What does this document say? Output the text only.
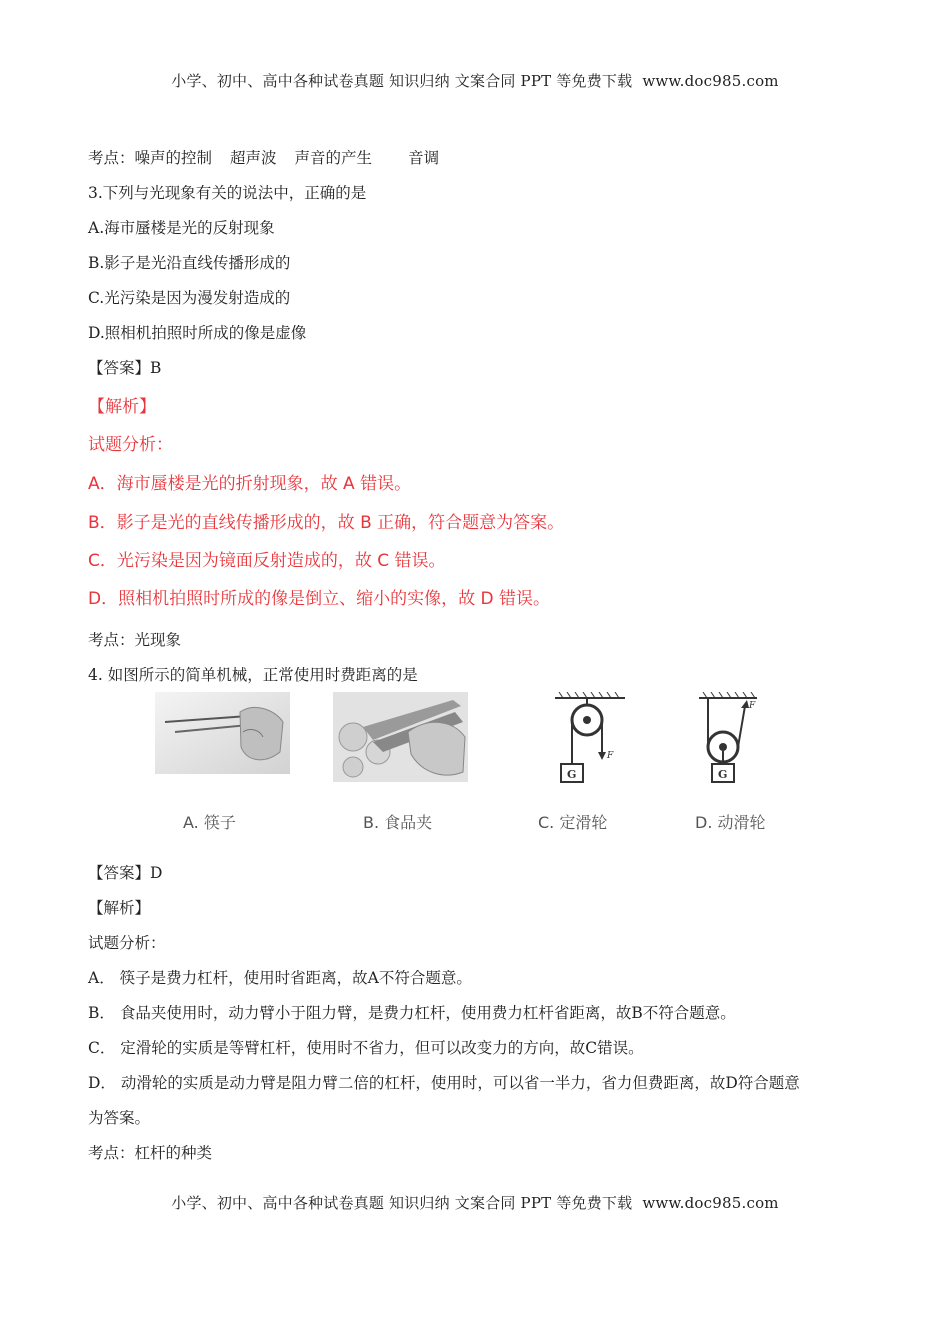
小学、初中、高中各种试卷真题 知识归纳 文案合同 PPT 等免费下载 www.doc985.com
考点：噪声的控制 超声波 声音的产生 音调
3.下列与光现象有关的说法中，正确的是
A.海市蜃楼是光的反射现象
B.影子是光沿直线传播形成的
C.光污染是因为漫发射造成的
D.照相机拍照时所成的像是虚像
【答案】B
【解析】
试题分析：
A．海市蜃楼是光的折射现象，故 A 错误。
B．影子是光的直线传播形成的，故 B 正确，符合题意为答案。
C．光污染是因为镜面反射造成的，故 C 错误。
D．照相机拍照时所成的像是倒立、缩小的实像，故 D 错误。
考点：光现象
4. 如图所示的简单机械，正常使用时费距离的是
A. 筷子	B. 食品夹
F
G
C. 定滑轮
F
G
D. 动滑轮
【答案】D
【解析】
试题分析：
A． 筷子是费力杠杆，使用时省距离，故A不符合题意。
B． 食品夹使用时，动力臂小于阻力臂，是费力杠杆，使用费力杠杆省距离，故B不符合题意。
C． 定滑轮的实质是等臂杠杆，使用时不省力，但可以改变力的方向，故C错误。
D． 动滑轮的实质是动力臂是阻力臂二倍的杠杆，使用时，可以省一半力，省力但费距离，故D符合题意
为答案。
考点：杠杆的种类
小学、初中、高中各种试卷真题 知识归纳 文案合同 PPT 等免费下载 www.doc985.com
